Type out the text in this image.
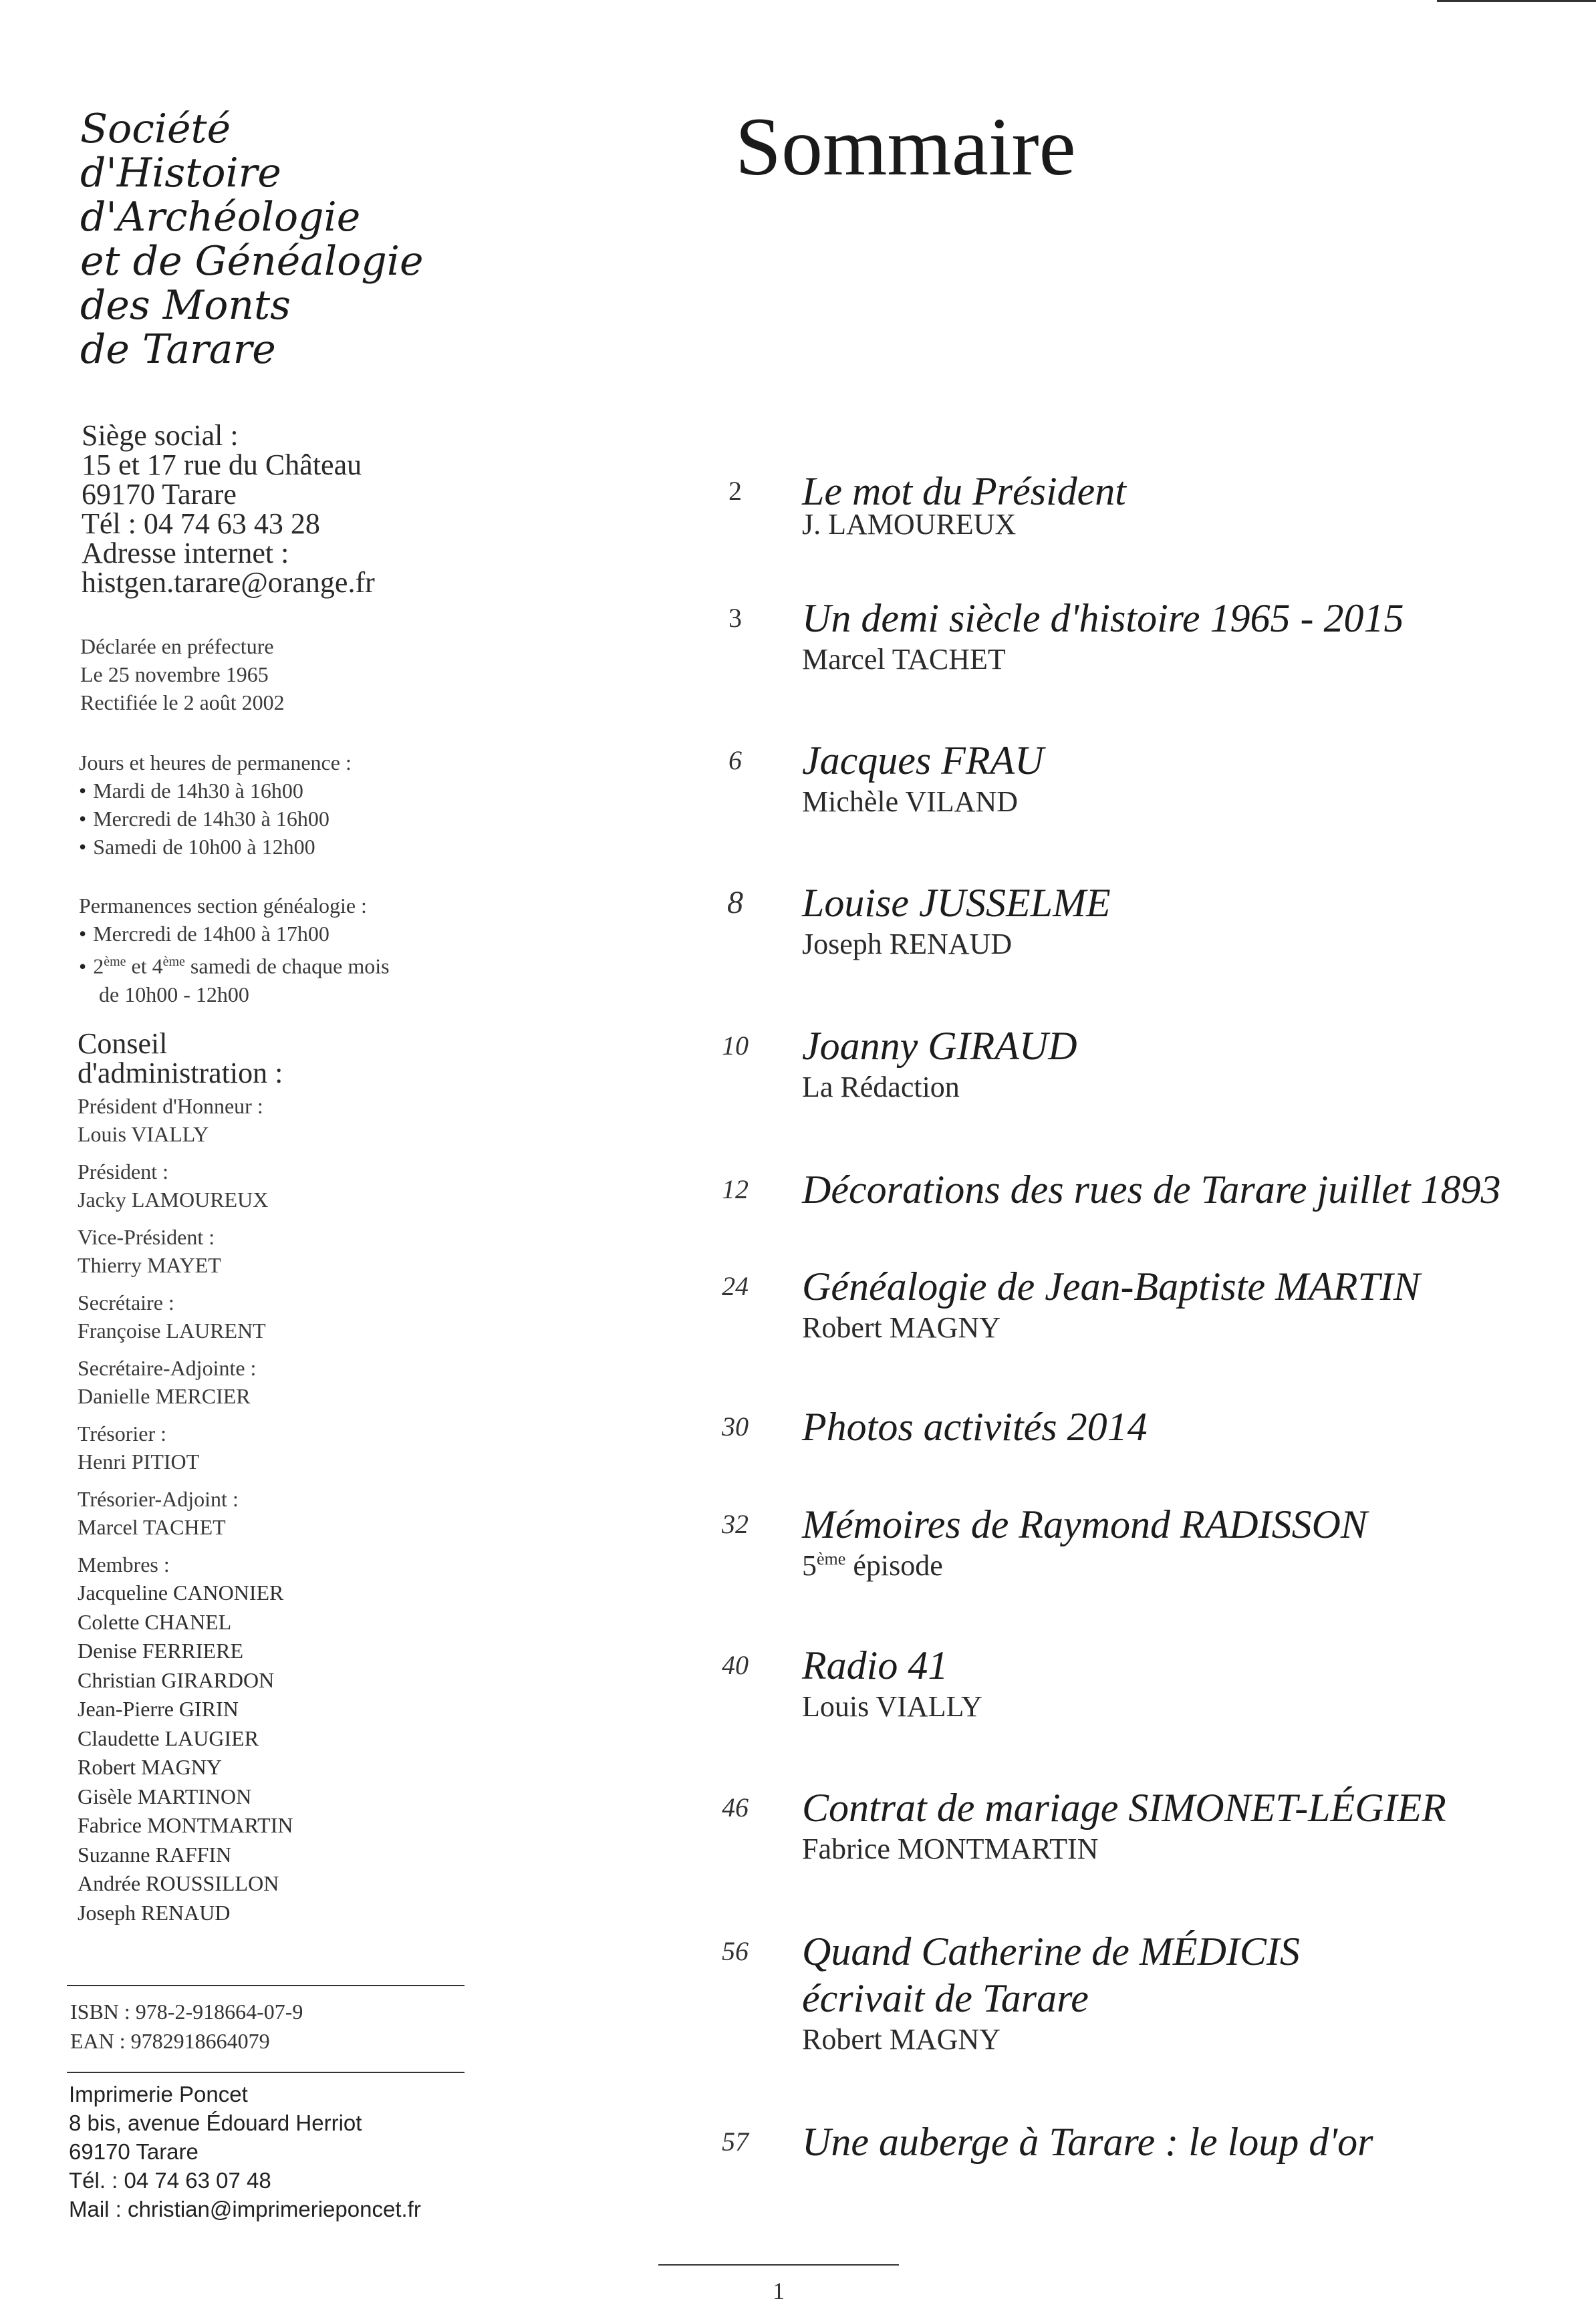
Société
d'Histoire
d'Archéologie
et de Généalogie
des Monts
de Tarare
Siège social :
15 et 17 rue du Château
69170 Tarare
Tél : 04 74 63 43 28
Adresse internet :
histgen.tarare@orange.fr
Déclarée en préfecture
Le 25 novembre 1965
Rectifiée le 2 août 2002
Jours et heures de permanence :
• Mardi de 14h30 à 16h00
• Mercredi de 14h30 à 16h00
• Samedi de 10h00 à 12h00
Permanences section généalogie :
• Mercredi de 14h00 à 17h00
• 2ème et 4ème samedi de chaque mois
de 10h00 - 12h00
Conseil
d'administration :
Président d'Honneur :
Louis VIALLY
Président :
Jacky LAMOUREUX
Vice-Président :
Thierry MAYET
Secrétaire :
Françoise LAURENT
Secrétaire-Adjointe :
Danielle MERCIER
Trésorier :
Henri PITIOT
Trésorier-Adjoint :
Marcel TACHET
Membres :
Jacqueline CANONIER
Colette CHANEL
Denise FERRIERE
Christian GIRARDON
Jean-Pierre GIRIN
Claudette LAUGIER
Robert MAGNY
Gisèle MARTINON
Fabrice MONTMARTIN
Suzanne RAFFIN
Andrée ROUSSILLON
Joseph RENAUD
ISBN : 978-2-918664-07-9
EAN : 9782918664079
Imprimerie Poncet
8 bis, avenue Édouard Herriot
69170 Tarare
Tél. : 04 74 63 07 48
Mail : christian@imprimerieponcet.fr
Sommaire
2 Le mot du Président
J. LAMOUREUX
3 Un demi siècle d'histoire 1965 - 2015
Marcel TACHET
6 Jacques FRAU
Michèle VILAND
8 Louise JUSSELME
Joseph RENAUD
10 Joanny GIRAUD
La Rédaction
12 Décorations des rues de Tarare juillet 1893
24 Généalogie de Jean-Baptiste MARTIN
Robert MAGNY
30 Photos activités 2014
32 Mémoires de Raymond RADISSON
5ème épisode
40 Radio 41
Louis VIALLY
46 Contrat de mariage SIMONET-LÉGIER
Fabrice MONTMARTIN
56 Quand Catherine de MÉDICIS
écrivait de Tarare
Robert MAGNY
57 Une auberge à Tarare : le loup d'or
1
